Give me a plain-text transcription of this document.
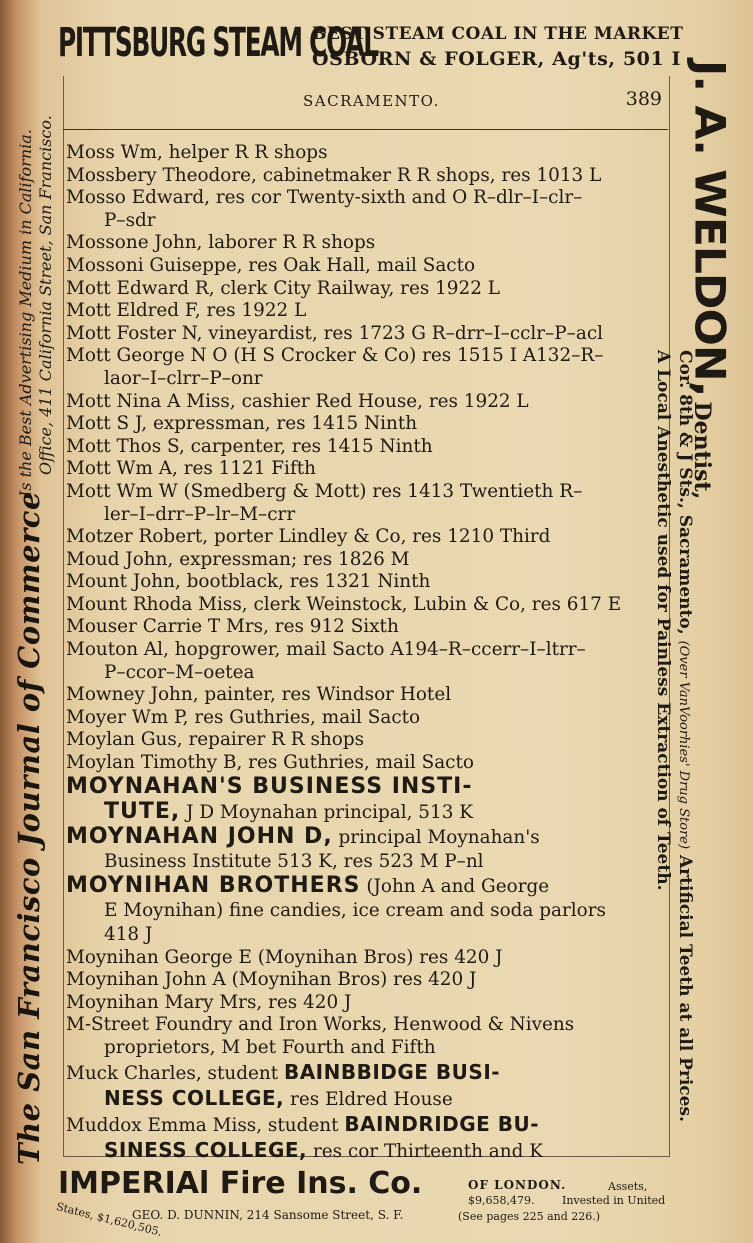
PITTSBURG STEAM COAL
BEST STEAM COAL IN THE MARKET
OSBORN & FOLGER, Ag'ts, 501 I
SACRAMENTO.	389
Moss Wm, helper R R shops
Mossbery Theodore, cabinetmaker R R shops, res 1013 L
Mosso Edward, res cor Twenty-sixth and O R–dlr–I–clr–
P–sdr
Mossone John, laborer R R shops
Mossoni Guiseppe, res Oak Hall, mail Sacto
Mott Edward R, clerk City Railway, res 1922 L
Mott Eldred F, res 1922 L
Mott Foster N, vineyardist, res 1723 G R–drr–I–cclr–P–acl
Mott George N O (H S Crocker & Co) res 1515 I A132–R–
laor–I–clrr–P–onr
Mott Nina A Miss, cashier Red House, res 1922 L
Mott S J, expressman, res 1415 Ninth
Mott Thos S, carpenter, res 1415 Ninth
Mott Wm A, res 1121 Fifth
Mott Wm W (Smedberg & Mott) res 1413 Twentieth R–
ler–I–drr–P–lr–M–crr
Motzer Robert, porter Lindley & Co, res 1210 Third
Moud John, expressman; res 1826 M
Mount John, bootblack, res 1321 Ninth
Mount Rhoda Miss, clerk Weinstock, Lubin & Co, res 617 E
Mouser Carrie T Mrs, res 912 Sixth
Mouton Al, hopgrower, mail Sacto A194–R–ccerr–I–ltrr–
P–ccor–M–oetea
Mowney John, painter, res Windsor Hotel
Moyer Wm P, res Guthries, mail Sacto
Moylan Gus, repairer R R shops
Moylan Timothy B, res Guthries, mail Sacto
MOYNAHAN'S BUSINESS INSTI-
TUTE, J D Moynahan principal, 513 K
MOYNAHAN JOHN D, principal Moynahan's
Business Institute 513 K, res 523 M P–nl
MOYNIHAN BROTHERS (John A and George
E Moynihan) fine candies, ice cream and soda parlors
418 J
Moynihan George E (Moynihan Bros) res 420 J
Moynihan John A (Moynihan Bros) res 420 J
Moynihan Mary Mrs, res 420 J
M-Street Foundry and Iron Works, Henwood & Nivens
proprietors, M bet Fourth and Fifth
Muck Charles, student BAINBBIDGE BUSI-
NESS COLLEGE, res Eldred House
Muddox Emma Miss, student BAINDRIDGE BU-
SINESS COLLEGE, res cor Thirteenth and K
The San Francisco Journal of Commerce
Is the Best Advertising Medium in California. Office, 411 California Street, San Francisco.	J. A. WELDON, Dentist,
Cor. 8th & J Sts., Sacramento, (Over VanVoorhies' Drug Store) Artificial Teeth at all Prices.
A Local Anesthetic used for Painless Extraction of Teeth.
IMPERIAl Fire Ins. Co.	OF LONDON.	Assets,
$9,658,479.	Invested in United
States, $1,620,505.
GEO. D. DUNNIN, 214 Sansome Street, S. F.	(See pages 225 and 226.)
